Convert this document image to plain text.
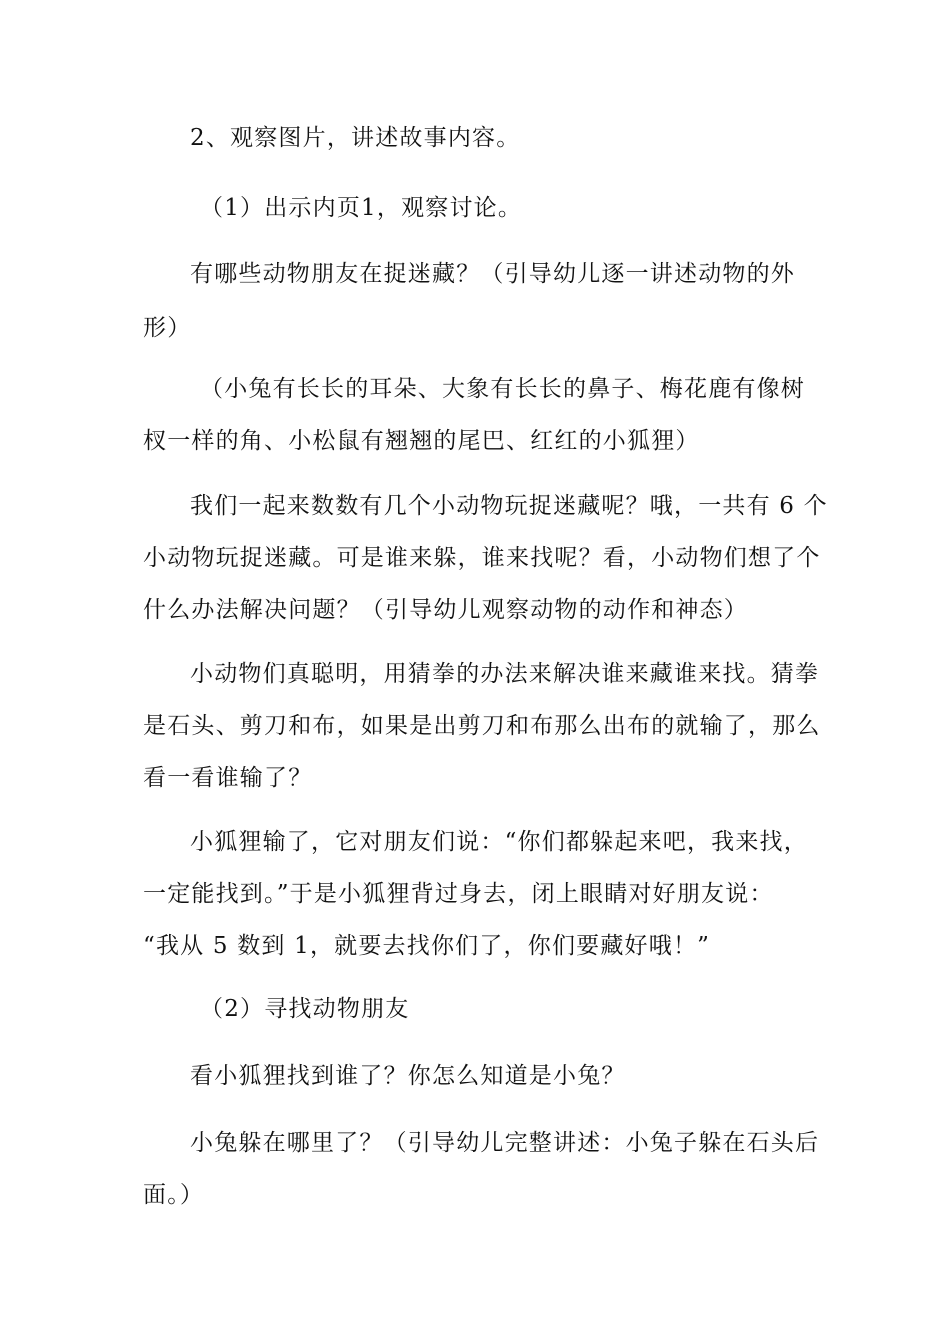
2、观察图片，讲述故事内容。
（1）出示内页1，观察讨论。
有哪些动物朋友在捉迷藏？（引导幼儿逐一讲述动物的外
形）
（小兔有长长的耳朵、大象有长长的鼻子、梅花鹿有像树
杈一样的角、小松鼠有翘翘的尾巴、红红的小狐狸）
我们一起来数数有几个小动物玩捉迷藏呢？哦，一共有 6 个
小动物玩捉迷藏。可是谁来躲，谁来找呢？看，小动物们想了个
什么办法解决问题？（引导幼儿观察动物的动作和神态）
小动物们真聪明，用猜拳的办法来解决谁来藏谁来找。猜拳
是石头、剪刀和布，如果是出剪刀和布那么出布的就输了，那么
看一看谁输了？
小狐狸输了，它对朋友们说：“你们都躲起来吧，我来找，
一定能找到。”于是小狐狸背过身去，闭上眼睛对好朋友说：
“我从 5 数到 1，就要去找你们了，你们要藏好哦！”
（2）寻找动物朋友
看小狐狸找到谁了？你怎么知道是小兔？
小兔躲在哪里了？（引导幼儿完整讲述：小兔子躲在石头后
面。）
